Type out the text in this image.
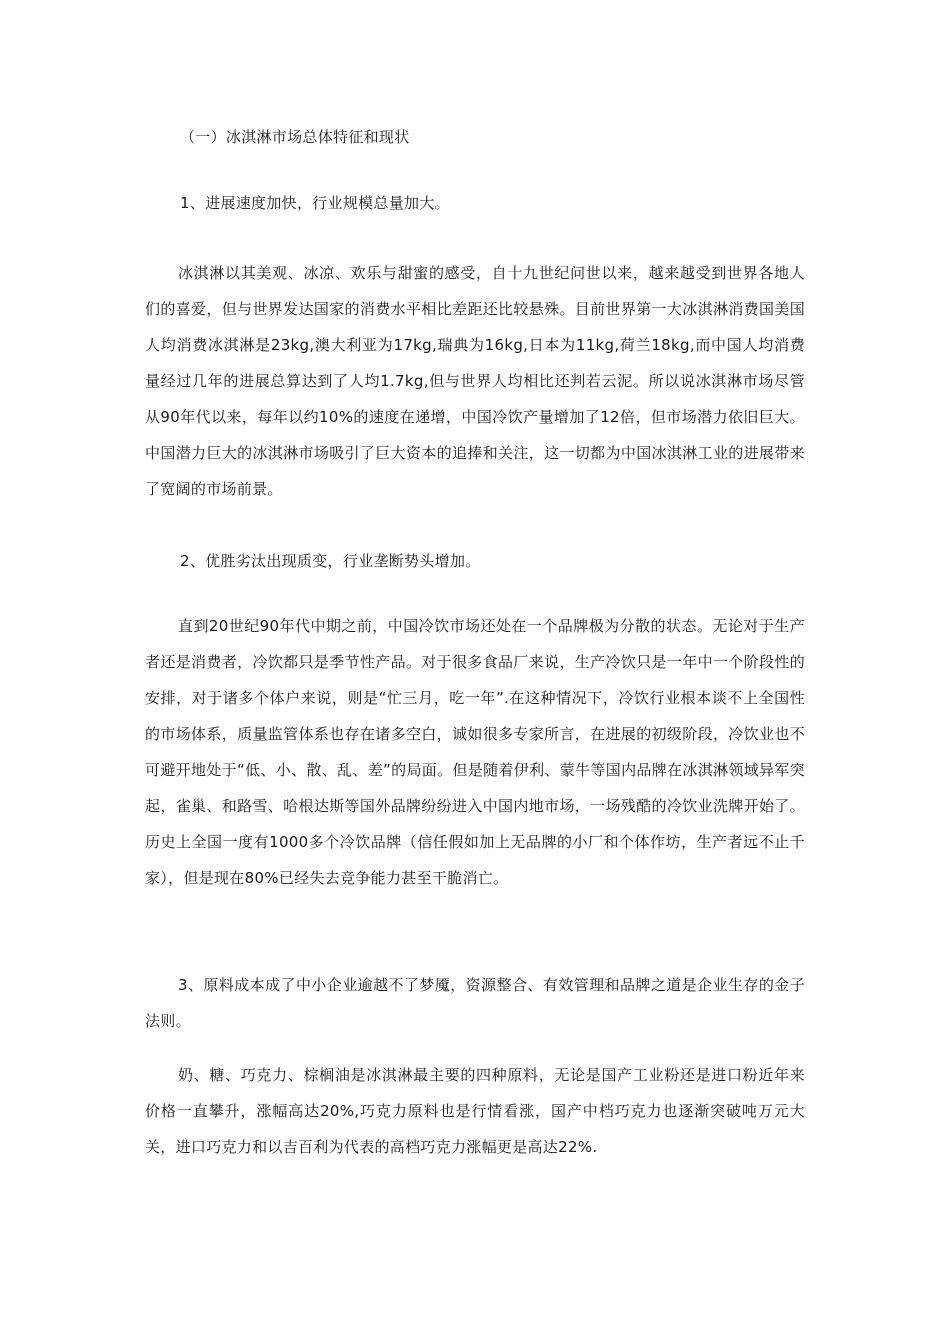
（一）冰淇淋市场总体特征和现状
1、进展速度加快，行业规模总量加大。

冰淇淋以其美观、冰凉、欢乐与甜蜜的感受，自十九世纪问世以来，越来越受到世界各地人们的喜爱，但与世界发达国家的消费水平相比差距还比较悬殊。目前世界第一大冰淇淋消费国美国人均消费冰淇淋是23kg,澳大利亚为17kg,瑞典为16kg,日本为11kg,荷兰18kg,而中国人均消费量经过几年的进展总算达到了人均1.7kg,但与世界人均相比还判若云泥。所以说冰淇淋市场尽管从90年代以来，每年以约10%的速度在递增，中国冷饮产量增加了12倍，但市场潜力依旧巨大。中国潜力巨大的冰淇淋市场吸引了巨大资本的追捧和关注，这一切都为中国冰淇淋工业的进展带来了宽阔的市场前景。

2、优胜劣汰出现质变，行业垄断势头增加。

直到20世纪90年代中期之前，中国冷饮市场还处在一个品牌极为分散的状态。无论对于生产者还是消费者，冷饮都只是季节性产品。对于很多食品厂来说，生产冷饮只是一年中一个阶段性的安排，对于诸多个体户来说，则是“忙三月，吃一年”.在这种情况下，冷饮行业根本谈不上全国性的市场体系，质量监管体系也存在诸多空白，诚如很多专家所言，在进展的初级阶段，冷饮业也不可避开地处于“低、小、散、乱、差”的局面。但是随着伊利、蒙牛等国内品牌在冰淇淋领域异军突起，雀巢、和路雪、哈根达斯等国外品牌纷纷进入中国内地市场，一场残酷的冷饮业洗牌开始了。历史上全国一度有1000多个冷饮品牌（信任假如加上无品牌的小厂和个体作坊，生产者远不止千家），但是现在80%已经失去竞争能力甚至干脆消亡。

3、原料成本成了中小企业逾越不了梦魇，资源整合、有效管理和品牌之道是企业生存的金子法则。

奶、糖、巧克力、棕榈油是冰淇淋最主要的四种原料，无论是国产工业粉还是进口粉近年来价格一直攀升，涨幅高达20%,巧克力原料也是行情看涨，国产中档巧克力也逐渐突破吨万元大关，进口巧克力和以吉百利为代表的高档巧克力涨幅更是高达22%.
